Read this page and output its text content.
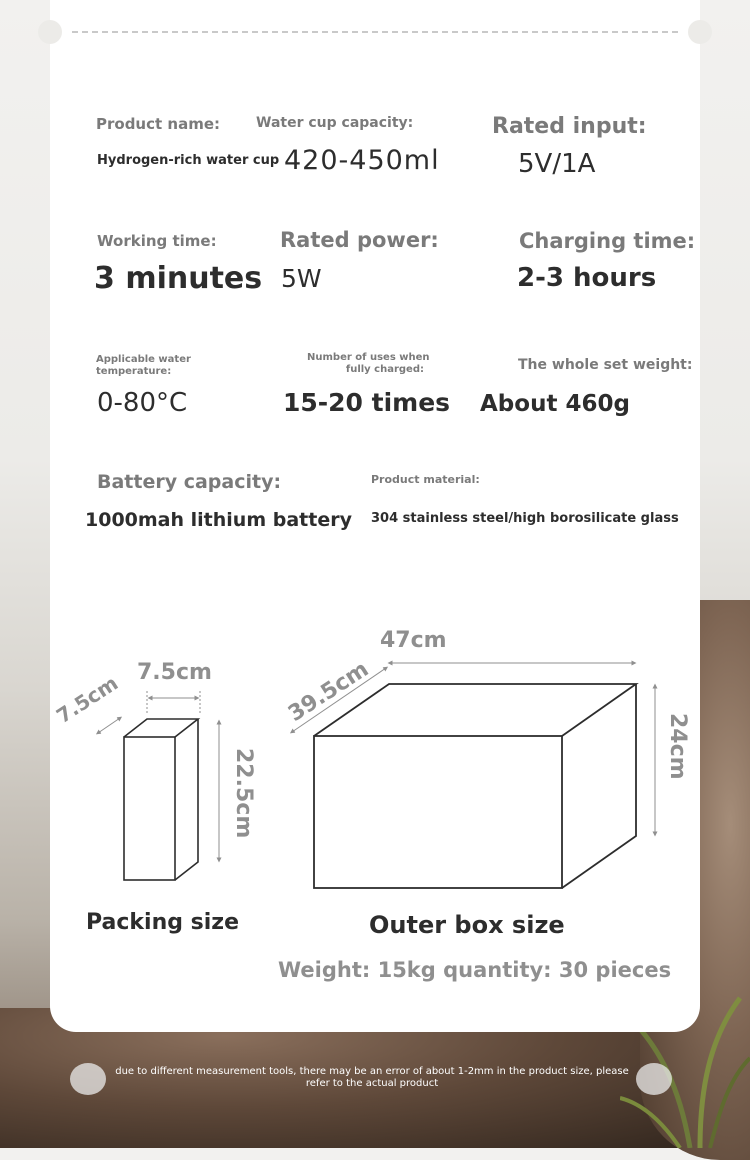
Product name:
Hydrogen-rich water cup
Water cup capacity:
420-450ml
Rated input:
5V/1A
Working time:
3 minutes
Rated power:
5W
Charging time:
2-3 hours
Applicable water
temperature:
0-80°C
Number of uses when
fully charged:
15-20 times
The whole set weight:
About 460g
Battery capacity:
1000mah lithium battery
Product material:
304 stainless steel/high borosilicate glass
7.5cm
7.5cm
22.5cm
47cm
39.5cm
24cm
Packing size	Outer box size
Weight: 15kg quantity: 30 pieces
due to different measurement tools, there may be an error of about 1-2mm in the product size, please
refer to the actual product
